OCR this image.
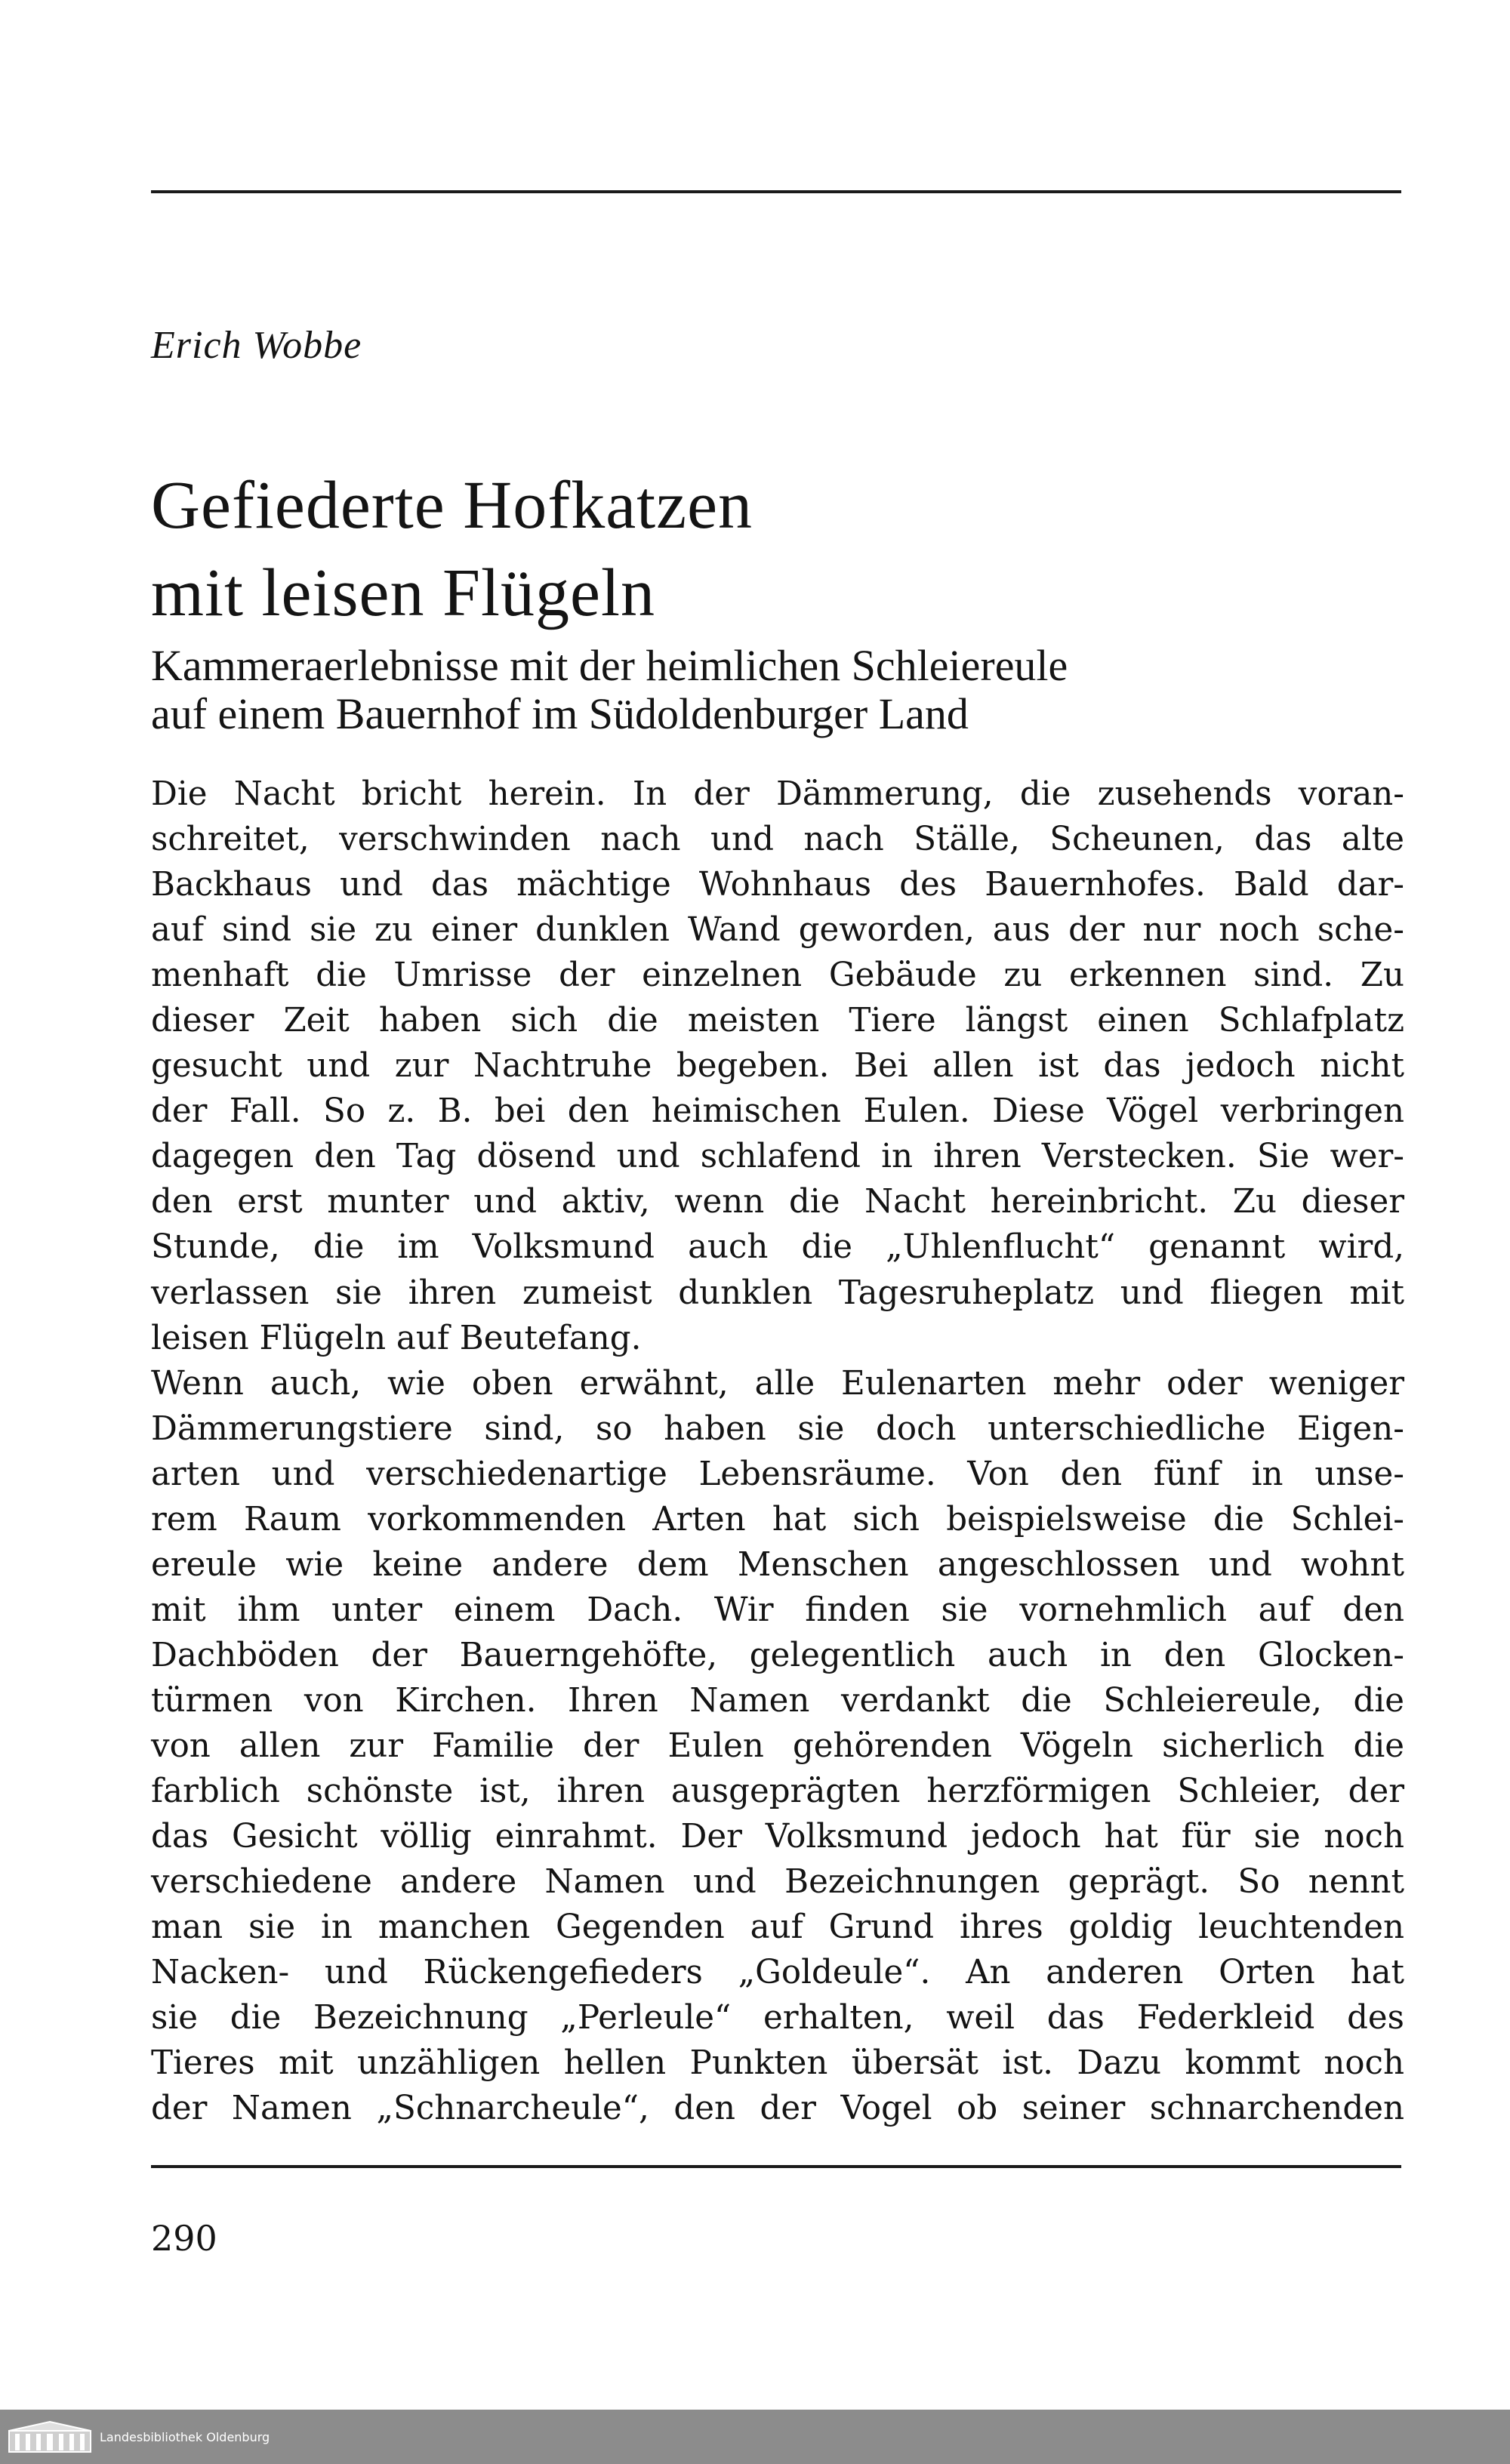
Erich Wobbe
Gefiederte Hofkatzen
mit leisen Flügeln
Kammeraerlebnisse mit der heimlichen Schleiereule
auf einem Bauernhof im Südoldenburger Land
Die Nacht bricht herein. In der Dämmerung, die zusehends voran-
schreitet, verschwinden nach und nach Ställe, Scheunen, das alte
Backhaus und das mächtige Wohnhaus des Bauernhofes. Bald dar-
auf sind sie zu einer dunklen Wand geworden, aus der nur noch sche-
menhaft die Umrisse der einzelnen Gebäude zu erkennen sind. Zu
dieser Zeit haben sich die meisten Tiere längst einen Schlafplatz
gesucht und zur Nachtruhe begeben. Bei allen ist das jedoch nicht
der Fall. So z. B. bei den heimischen Eulen. Diese Vögel verbringen
dagegen den Tag dösend und schlafend in ihren Verstecken. Sie wer-
den erst munter und aktiv, wenn die Nacht hereinbricht. Zu dieser
Stunde, die im Volksmund auch die „Uhlenflucht“ genannt wird,
verlassen sie ihren zumeist dunklen Tagesruheplatz und fliegen mit
leisen Flügeln auf Beutefang.
Wenn auch, wie oben erwähnt, alle Eulenarten mehr oder weniger
Dämmerungstiere sind, so haben sie doch unterschiedliche Eigen-
arten und verschiedenartige Lebensräume. Von den fünf in unse-
rem Raum vorkommenden Arten hat sich beispielsweise die Schlei-
ereule wie keine andere dem Menschen angeschlossen und wohnt
mit ihm unter einem Dach. Wir finden sie vornehmlich auf den
Dachböden der Bauerngehöfte, gelegentlich auch in den Glocken-
türmen von Kirchen. Ihren Namen verdankt die Schleiereule, die
von allen zur Familie der Eulen gehörenden Vögeln sicherlich die
farblich schönste ist, ihren ausgeprägten herzförmigen Schleier, der
das Gesicht völlig einrahmt. Der Volksmund jedoch hat für sie noch
verschiedene andere Namen und Bezeichnungen geprägt. So nennt
man sie in manchen Gegenden auf Grund ihres goldig leuchtenden
Nacken- und Rückengefieders „Goldeule“. An anderen Orten hat
sie die Bezeichnung „Perleule“ erhalten, weil das Federkleid des
Tieres mit unzähligen hellen Punkten übersät ist. Dazu kommt noch
der Namen „Schnarcheule“, den der Vogel ob seiner schnarchenden
290
Landesbibliothek Oldenburg
